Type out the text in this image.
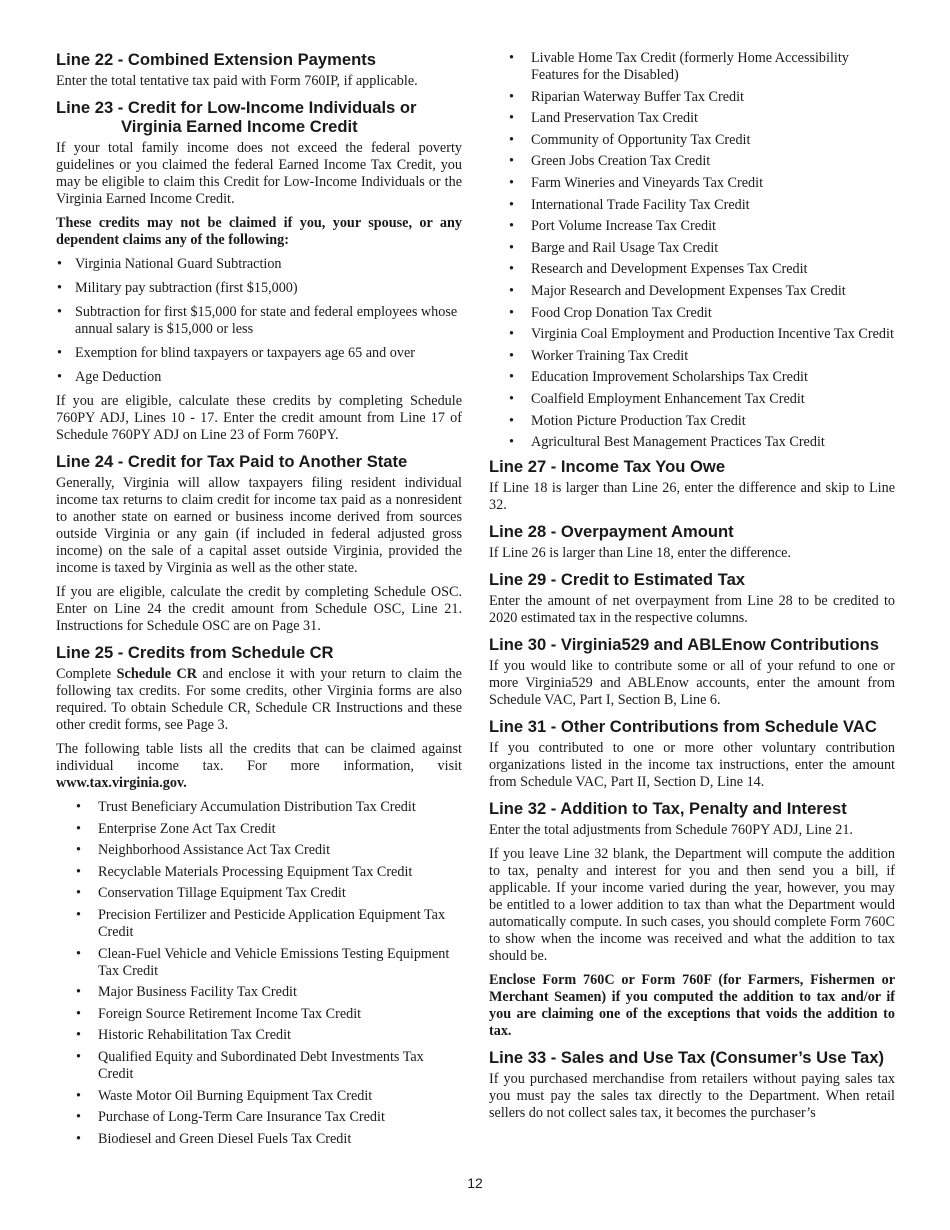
Line 22 - Combined Extension Payments

Enter the total tentative tax paid with Form 760IP, if applicable.

Line 23 - Credit for Low-Income Individuals or
Virginia Earned Income Credit

If your total family income does not exceed the federal poverty guidelines or you claimed the federal Earned Income Tax Credit, you may be eligible to claim this Credit for Low-Income Individuals or the Virginia Earned Income Credit.

These credits may not be claimed if you, your spouse, or any dependent claims any of the following:

• Virginia National Guard Subtraction
• Military pay subtraction (first $15,000)
• Subtraction for first $15,000 for state and federal employees whose annual salary is $15,000 or less
• Exemption for blind taxpayers or taxpayers age 65 and over
• Age Deduction

If you are eligible, calculate these credits by completing Schedule 760PY ADJ, Lines 10 - 17. Enter the credit amount from Line 17 of Schedule 760PY ADJ on Line 23 of Form 760PY.

Line 24 - Credit for Tax Paid to Another State

Generally, Virginia will allow taxpayers filing resident individual income tax returns to claim credit for income tax paid as a nonresident to another state on earned or business income derived from sources outside Virginia or any gain (if included in federal adjusted gross income) on the sale of a capital asset outside Virginia, provided the income is taxed by Virginia as well as the other state.

If you are eligible, calculate the credit by completing Schedule OSC. Enter on Line 24 the credit amount from Schedule OSC, Line 21. Instructions for Schedule OSC are on Page 31.

Line 25 - Credits from Schedule CR

Complete Schedule CR and enclose it with your return to claim the following tax credits. For some credits, other Virginia forms are also required. To obtain Schedule CR, Schedule CR Instructions and these other credit forms, see Page 3.

The following table lists all the credits that can be claimed against individual income tax. For more information, visit www.tax.virginia.gov.

• Trust Beneficiary Accumulation Distribution Tax Credit
• Enterprise Zone Act Tax Credit
• Neighborhood Assistance Act Tax Credit
• Recyclable Materials Processing Equipment Tax Credit
• Conservation Tillage Equipment Tax Credit
• Precision Fertilizer and Pesticide Application Equipment Tax Credit
• Clean-Fuel Vehicle and Vehicle Emissions Testing Equipment Tax Credit
• Major Business Facility Tax Credit
• Foreign Source Retirement Income Tax Credit
• Historic Rehabilitation Tax Credit
• Qualified Equity and Subordinated Debt Investments Tax Credit
• Waste Motor Oil Burning Equipment Tax Credit
• Purchase of Long-Term Care Insurance Tax Credit
• Biodiesel and Green Diesel Fuels Tax Credit
• Livable Home Tax Credit (formerly Home Accessibility Features for the Disabled)
• Riparian Waterway Buffer Tax Credit
• Land Preservation Tax Credit
• Community of Opportunity Tax Credit
• Green Jobs Creation Tax Credit
• Farm Wineries and Vineyards Tax Credit
• International Trade Facility Tax Credit
• Port Volume Increase Tax Credit
• Barge and Rail Usage Tax Credit
• Research and Development Expenses Tax Credit
• Major Research and Development Expenses Tax Credit
• Food Crop Donation Tax Credit
• Virginia Coal Employment and Production Incentive Tax Credit
• Worker Training Tax Credit
• Education Improvement Scholarships Tax Credit
• Coalfield Employment Enhancement Tax Credit
• Motion Picture Production Tax Credit
• Agricultural Best Management Practices Tax Credit
Line 27 - Income Tax You Owe

If Line 18 is larger than Line 26, enter the difference and skip to Line 32.

Line 28 - Overpayment Amount

If Line 26 is larger than Line 18, enter the difference.

Line 29 - Credit to Estimated Tax

Enter the amount of net overpayment from Line 28 to be credited to 2020 estimated tax in the respective columns.

Line 30 - Virginia529 and ABLEnow Contributions

If you would like to contribute some or all of your refund to one or more Virginia529 and ABLEnow accounts, enter the amount from Schedule VAC, Part I, Section B, Line 6.

Line 31 - Other Contributions from Schedule VAC

If you contributed to one or more other voluntary contribution organizations listed in the income tax instructions, enter the amount from Schedule VAC, Part II, Section D, Line 14.

Line 32 - Addition to Tax, Penalty and Interest

Enter the total adjustments from Schedule 760PY ADJ, Line 21.

If you leave Line 32 blank, the Department will compute the addition to tax, penalty and interest for you and then send you a bill, if applicable. If your income varied during the year, however, you may be entitled to a lower addition to tax than what the Department would automatically compute. In such cases, you should complete Form 760C to show when the income was received and what the addition to tax should be.

Enclose Form 760C or Form 760F (for Farmers, Fishermen or Merchant Seamen) if you computed the addition to tax and/or if you are claiming one of the exceptions that voids the addition to tax.

Line 33 - Sales and Use Tax (Consumer’s Use Tax)

If you purchased merchandise from retailers without paying sales tax you must pay the sales tax directly to the Department. When retail sellers do not collect sales tax, it becomes the purchaser’s

12
